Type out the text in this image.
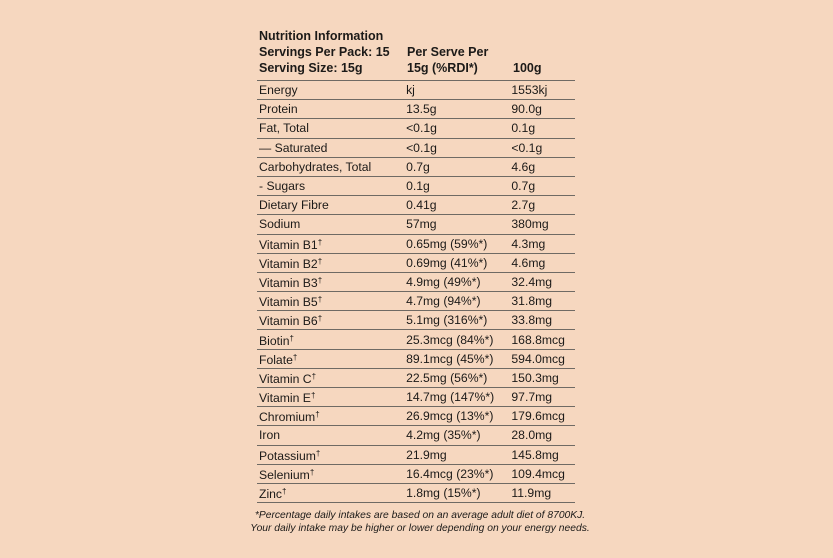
Nutrition Information
Servings Per Pack: 15
Serving Size: 15g
Per Serve Per
15g (%RDI*)	100g
Energy	kj	1553kj
Protein	13.5g	90.0g
Fat, Total	<0.1g	0.1g
— Saturated	<0.1g	<0.1g
Carbohydrates, Total	0.7g	4.6g
- Sugars	0.1g	0.7g
Dietary Fibre	0.41g	2.7g
Sodium	57mg	380mg
Vitamin B1†	0.65mg (59%*)	4.3mg
Vitamin B2†	0.69mg (41%*)	4.6mg
Vitamin B3†	4.9mg (49%*)	32.4mg
Vitamin B5†	4.7mg (94%*)	31.8mg
Vitamin B6†	5.1mg (316%*)	33.8mg
Biotin†	25.3mcg (84%*)	168.8mcg
Folate†	89.1mcg (45%*)	594.0mcg
Vitamin C†	22.5mg (56%*)	150.3mg
Vitamin E†	14.7mg (147%*)	97.7mg
Chromium†	26.9mcg (13%*)	179.6mcg
Iron	4.2mg (35%*)	28.0mg
Potassium†	21.9mg	145.8mg
Selenium†	16.4mcg (23%*)	109.4mcg
Zinc†	1.8mg (15%*)	11.9mg
*Percentage daily intakes are based on an average adult diet of 8700KJ.
Your daily intake may be higher or lower depending on your energy needs.
